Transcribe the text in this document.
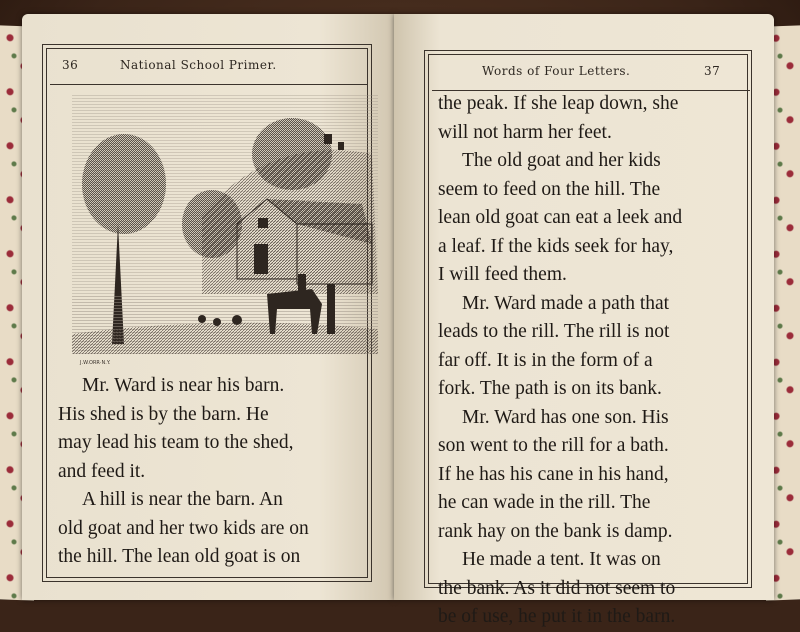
36	National School Primer.
J.W.ORR·N.Y.
Mr. Ward is near his barn.
His shed is by the barn. He
may lead his team to the shed,
and feed it.
A hill is near the barn. An
old goat and her two kids are on
the hill. The lean old goat is on
Words of Four Letters.	37
the peak. If she leap down, she
will not harm her feet.
The old goat and her kids
seem to feed on the hill. The
lean old goat can eat a leek and
a leaf. If the kids seek for hay,
I will feed them.
Mr. Ward made a path that
leads to the rill. The rill is not
far off. It is in the form of a
fork. The path is on its bank.
Mr. Ward has one son. His
son went to the rill for a bath.
If he has his cane in his hand,
he can wade in the rill. The
rank hay on the bank is damp.
He made a tent. It was on
the bank. As it did not seem to
be of use, he put it in the barn.
